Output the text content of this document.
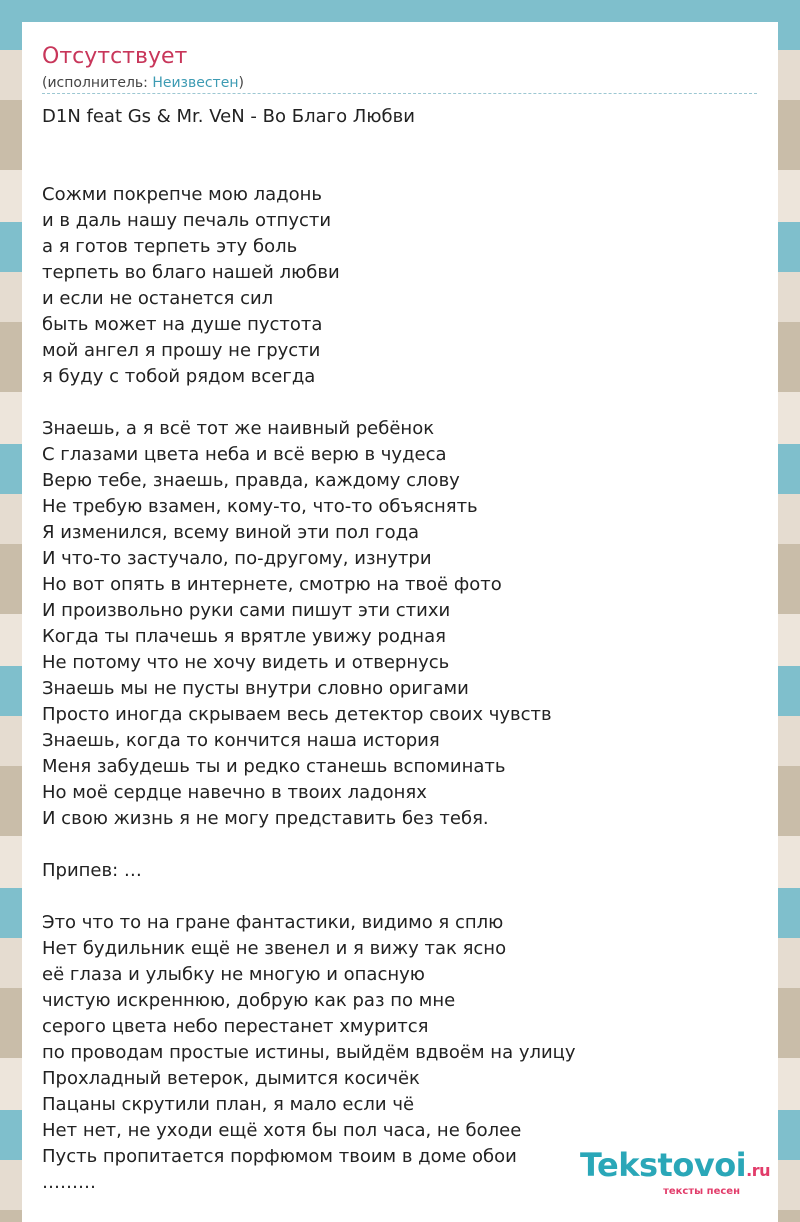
Отсутствует
(исполнитель: Неизвестен)
D1N feat Gs & Mr. VeN - Во Благо Любви
Сожми покрепче мою ладонь
и в даль нашу печаль отпусти
а я готов терпеть эту боль
терпеть во благо нашей любви
и если не останется сил
быть может на душе пустота
мой ангел я прошу не грусти
я буду с тобой рядом всегда
Знаешь, а я всё тот же наивный ребёнок
С глазами цвета неба и всё верю в чудеса
Верю тебе, знаешь, правда, каждому слову
Не требую взамен, кому-то, что-то объяснять
Я изменился, всему виной эти пол года
И что-то застучало, по-другому, изнутри
Но вот опять в интернете, смотрю на твоё фото
И произвольно руки сами пишут эти стихи
Когда ты плачешь я врятле увижу родная
Не потому что не хочу видеть и отвернусь
Знаешь мы не пусты внутри словно оригами
Просто иногда скрываем весь детектор своих чувств
Знаешь, когда то кончится наша история
Меня забудешь ты и редко станешь вспоминать
Но моё сердце навечно в твоих ладонях
И свою жизнь я не могу представить без тебя.
Припев: …
Это что то на гране фантастики, видимо я сплю
Нет будильник ещё не звенел и я вижу так ясно
её глаза и улыбку не многую и опасную
чистую искреннюю, добрую как раз по мне
серого цвета небо перестанет хмурится
по проводам простые истины, выйдём вдвоём на улицу
Прохладный ветерок, дымится косичёк
Пацаны скрутили план, я мало если чё
Нет нет, не уходи ещё хотя бы пол часа, не более
Пусть пропитается порфюмом твоим в доме обои
………	Tekstovoi.ru
тексты песен
